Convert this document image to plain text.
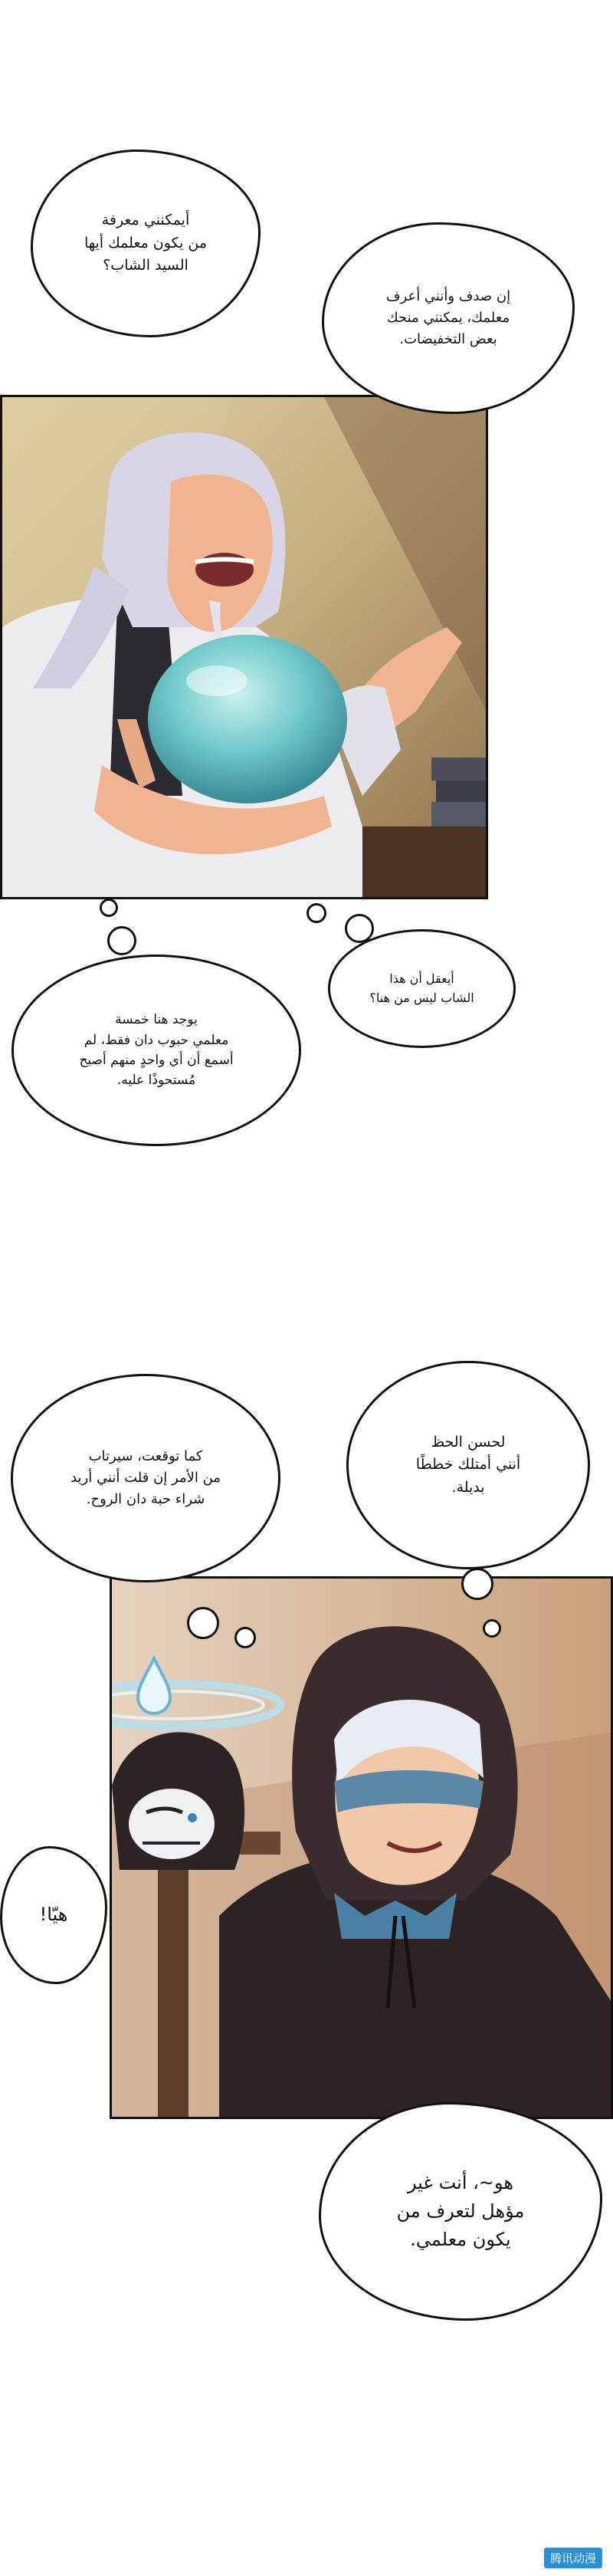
أيمكنني معرفة
من يكون معلمك أيها
السيد الشاب؟
إن صدف وأنني أعرف
معلمك، يمكنني منحك
بعض التخفيضات.
أيعقل أن هذا
الشاب ليس من هنا؟
يوجد هنا خمسة
معلمي حبوب دان فقط، لم
أسمع أن أي واحدٍ منهم أصبح
مُستحوذًا عليه.
لحسن الحظ
أنني أمتلك خططًا
بديلة.
كما توقعت، سيرتاب
من الأمر إن قلت أنني أريد
شراء حبة دان الروح.
هيّا!
هو~، أنت غير
مؤهل لتعرف من
يكون معلمي.
腾讯动漫
